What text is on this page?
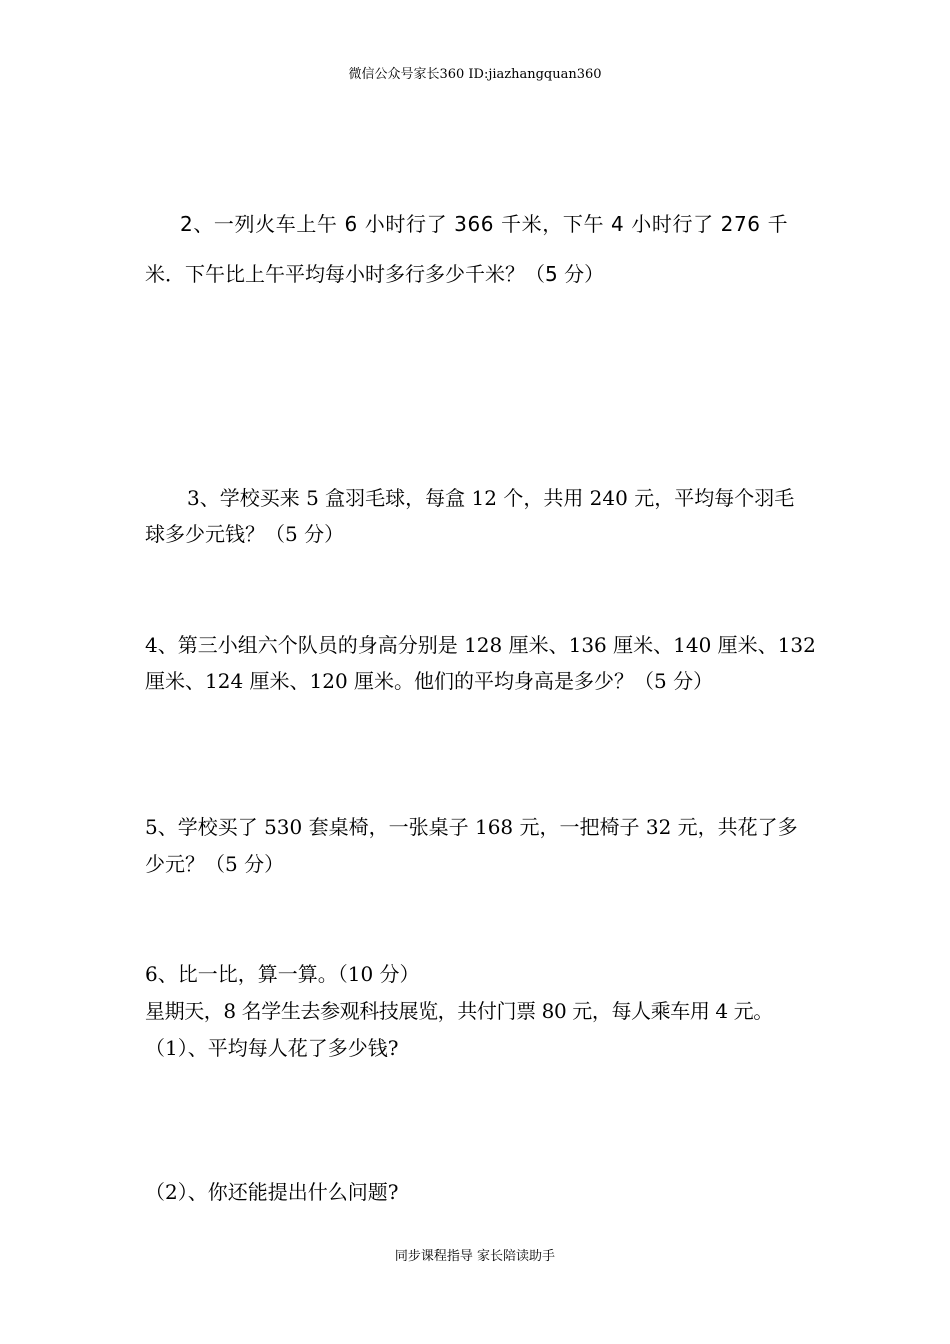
微信公众号家长360 ID:jiazhangquan360
2、一列火车上午 6 小时行了 366 千米，下午 4 小时行了 276 千
米．下午比上午平均每小时多行多少千米？（5 分）
3、学校买来 5 盒羽毛球，每盒 12 个，共用 240 元，平均每个羽毛
球多少元钱？（5 分）
4、第三小组六个队员的身高分别是 128 厘米、136 厘米、140 厘米、132
厘米、124 厘米、120 厘米。他们的平均身高是多少？（5 分）
5、学校买了 530 套桌椅，一张桌子 168 元，一把椅子 32 元，共花了多
少元？（5 分）
6、比一比，算一算。（10 分）
星期天，8 名学生去参观科技展览，共付门票 80 元，每人乘车用 4 元。
（1）、平均每人花了多少钱?
（2）、你还能提出什么问题?
同步课程指导 家长陪读助手
